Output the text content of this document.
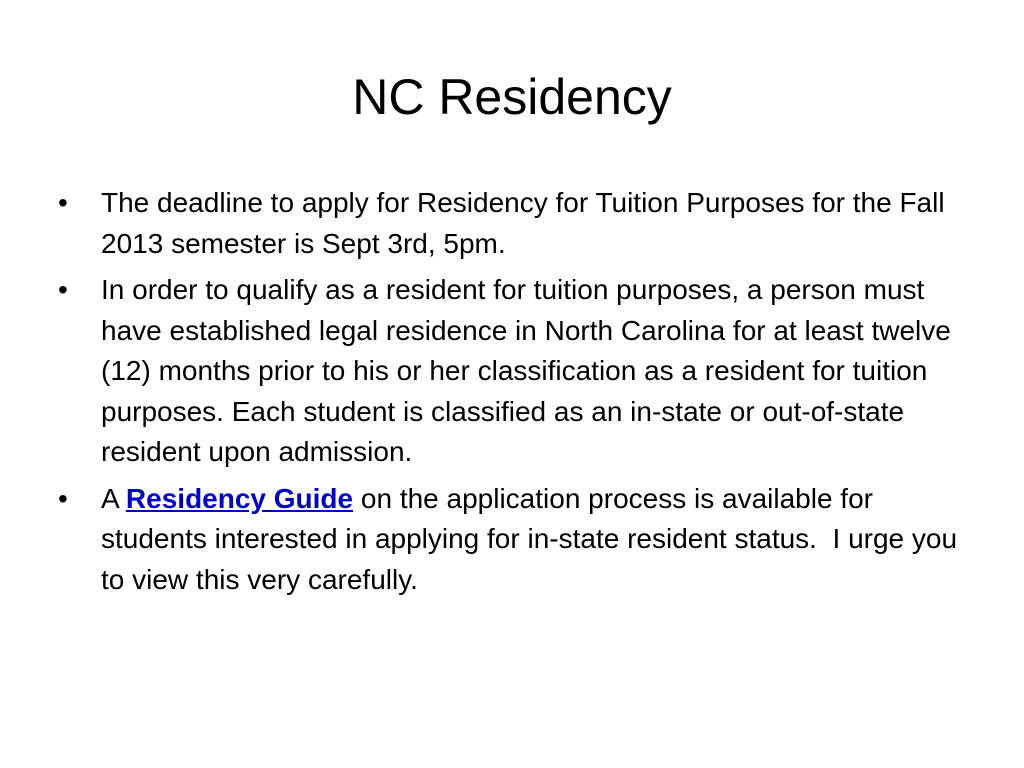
NC Residency
•	The deadline to apply for Residency for Tuition Purposes for the Fall 2013 semester is Sept 3rd, 5pm.
•	In order to qualify as a resident for tuition purposes, a person must have established legal residence in North Carolina for at least twelve (12) months prior to his or her classification as a resident for tuition purposes. Each student is classified as an in-state or out-of-state resident upon admission.
•	A Residency Guide on the application process is available for students interested in applying for in-state resident status.  I urge you to view this very carefully.
